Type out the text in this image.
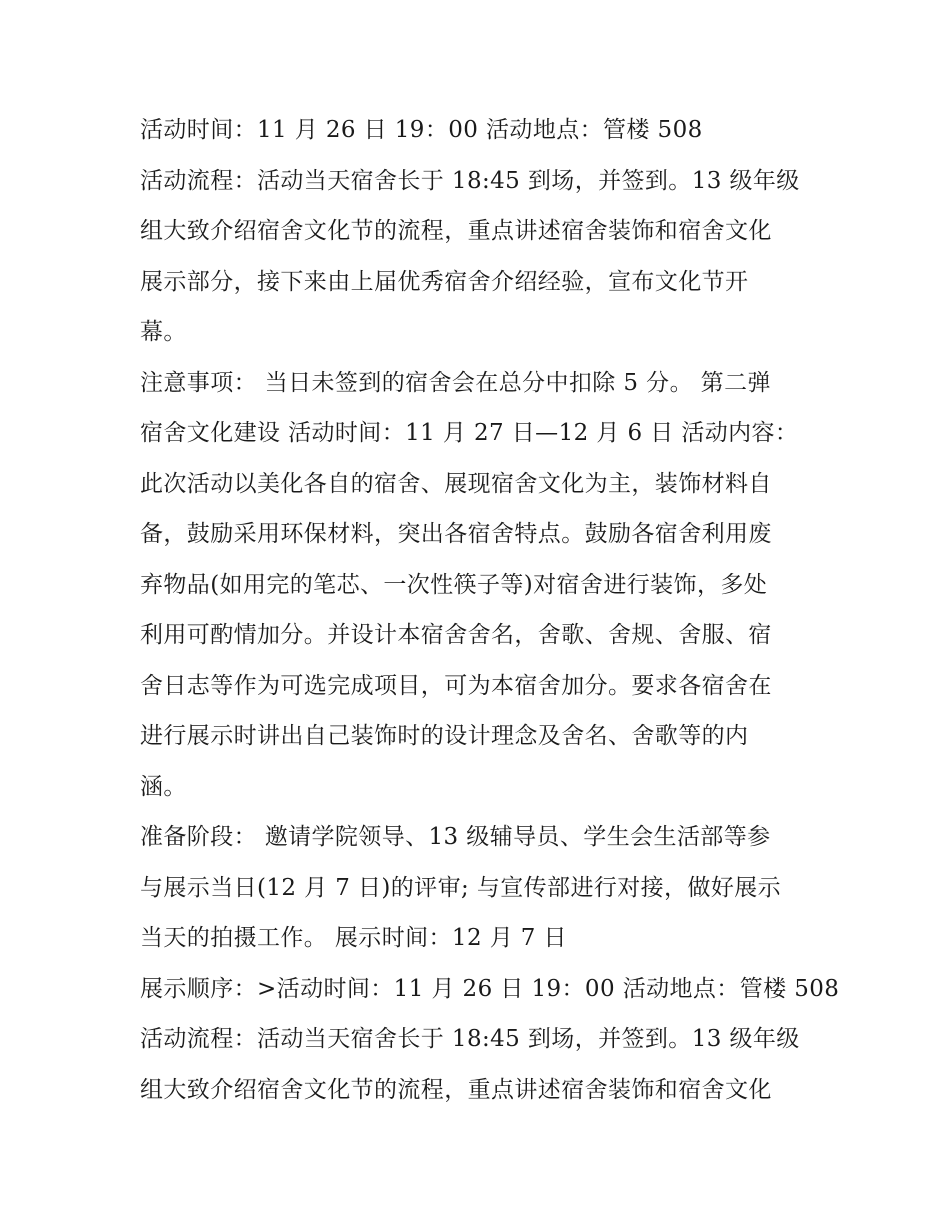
活动时间：11 月 26 日 19：00 活动地点：管楼 508
活动流程：活动当天宿舍长于 18:45 到场，并签到。13 级年级
组大致介绍宿舍文化节的流程，重点讲述宿舍装饰和宿舍文化
展示部分，接下来由上届优秀宿舍介绍经验，宣布文化节开
幕。
注意事项： 当日未签到的宿舍会在总分中扣除 5 分。 第二弹
宿舍文化建设 活动时间：11 月 27 日—12 月 6 日 活动内容：
此次活动以美化各自的宿舍、展现宿舍文化为主，装饰材料自
备，鼓励采用环保材料，突出各宿舍特点。鼓励各宿舍利用废
弃物品(如用完的笔芯、一次性筷子等)对宿舍进行装饰，多处
利用可酌情加分。并设计本宿舍舍名，舍歌、舍规、舍服、宿
舍日志等作为可选完成项目，可为本宿舍加分。要求各宿舍在
进行展示时讲出自己装饰时的设计理念及舍名、舍歌等的内
涵。
准备阶段： 邀请学院领导、13 级辅导员、学生会生活部等参
与展示当日(12 月 7 日)的评审; 与宣传部进行对接，做好展示
当天的拍摄工作。 展示时间：12 月 7 日
展示顺序：>活动时间：11 月 26 日 19：00 活动地点：管楼 508
活动流程：活动当天宿舍长于 18:45 到场，并签到。13 级年级
组大致介绍宿舍文化节的流程，重点讲述宿舍装饰和宿舍文化
